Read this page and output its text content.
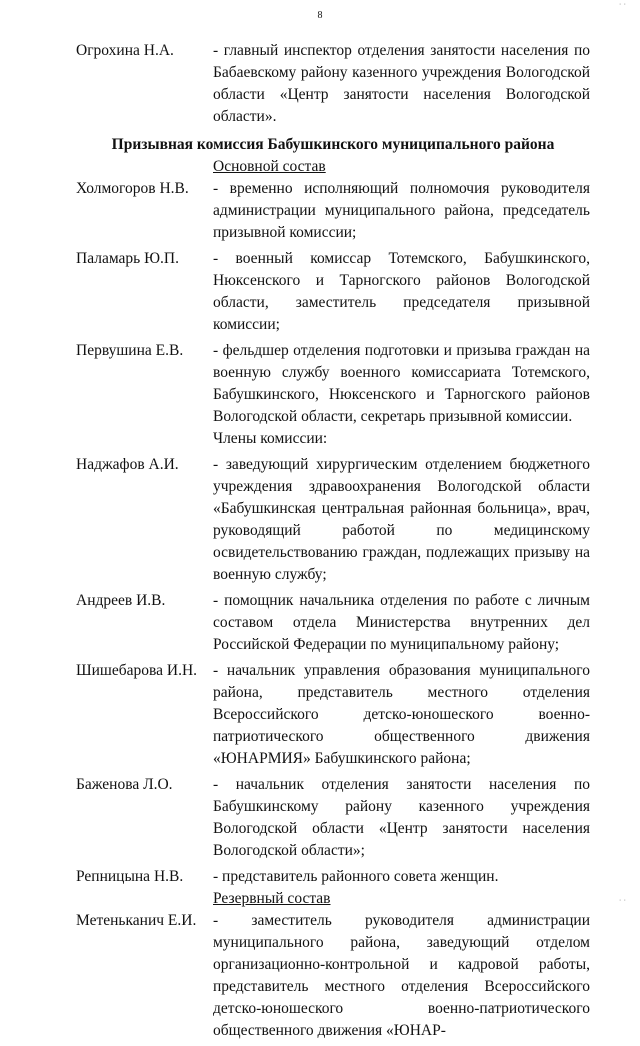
8
Огрохина Н.А.	- главный инспектор отделения занятости населения по Бабаевскому району казенного учреждения Вологодской области «Центр занятости населения Вологодской области».
Призывная комиссия Бабушкинского муниципального района
Основной состав
Холмогоров Н.В.	- временно исполняющий полномочия руководителя администрации муниципального района, председатель призывной комиссии;
Паламарь Ю.П.	- военный комиссар Тотемского, Бабушкинского, Нюксенского и Тарногского районов Вологодской области, заместитель председателя призывной комиссии;
Первушина Е.В.	- фельдшер отделения подготовки и призыва граждан на военную службу военного комиссариата Тотемского, Бабушкинского, Нюксенского и Тарногского районов Вологодской области, секретарь призывной комиссии.
Члены комиссии:
Наджафов А.И.	- заведующий хирургическим отделением бюджетного учреждения здравоохранения Вологодской области «Бабушкинская центральная районная больница», врач, руководящий работой по медицинскому освидетельствованию граждан, подлежащих призыву на военную службу;
Андреев И.В.	- помощник начальника отделения по работе с личным составом отдела Министерства внутренних дел Российской Федерации по муниципальному району;
Шишебарова И.Н.	- начальник управления образования муниципального района, представитель местного отделения Всероссийского детско-юношеского военно-патриотического общественного движения «ЮНАРМИЯ» Бабушкинского района;
Баженова Л.О.	- начальник отделения занятости населения по Бабушкинскому району казенного учреждения Вологодской области «Центр занятости населения Вологодской области»;
Репницына Н.В.	- представитель районного совета женщин.
Резервный состав
Метеньканич Е.И.	- заместитель руководителя администрации муниципального района, заведующий отделом организационно-контрольной и кадровой работы, представитель местного отделения Всероссийского детско-юношеского военно-патриотического общественного движения «ЮНАР-
‧ ‧
‧ ‧
